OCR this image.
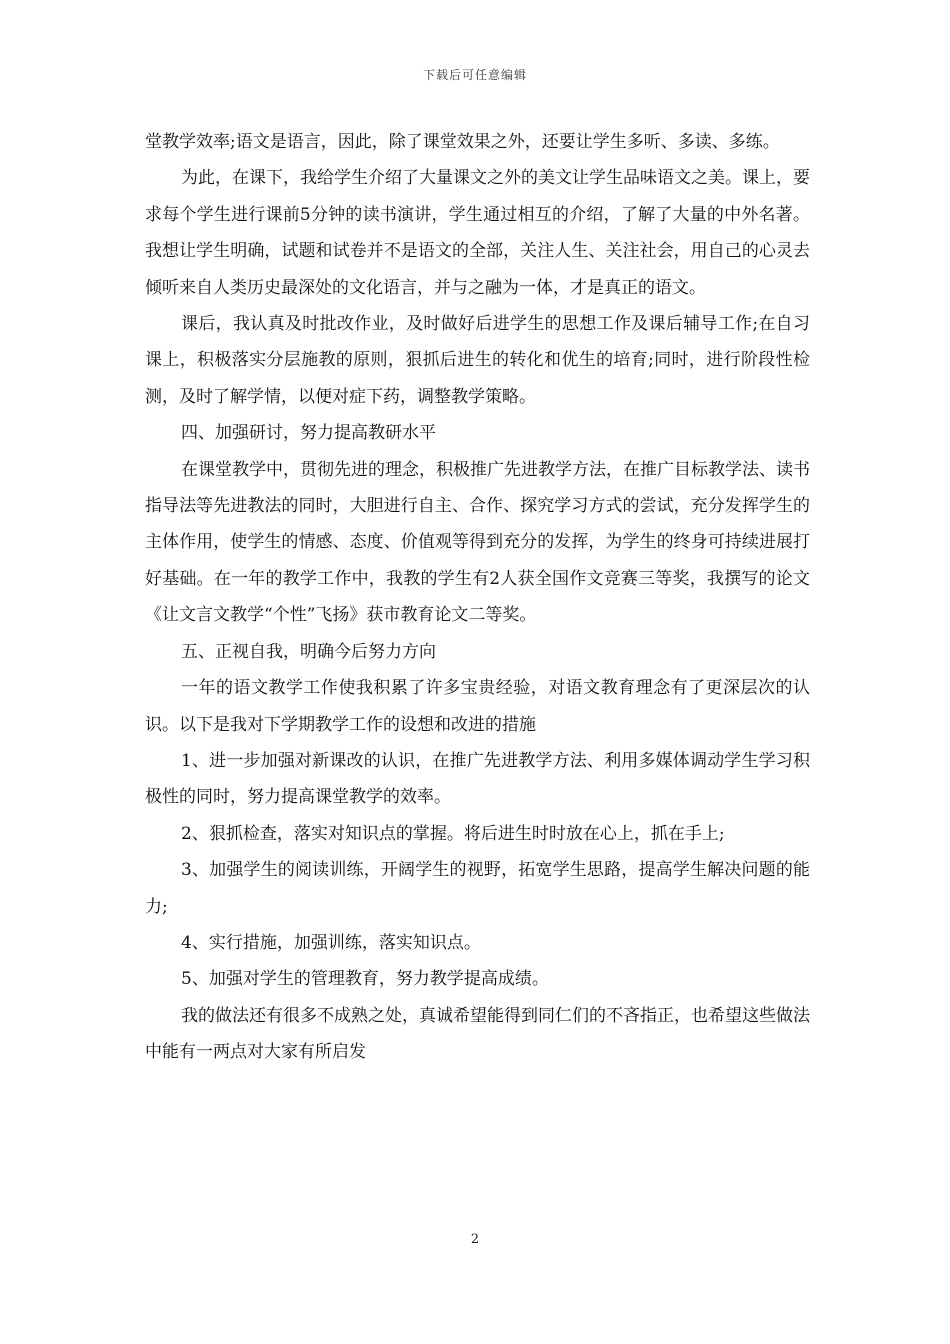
下载后可任意编辑

堂教学效率;语文是语言，因此，除了课堂效果之外，还要让学生多听、多读、多练。

为此，在课下，我给学生介绍了大量课文之外的美文让学生品味语文之美。课上，要求每个学生进行课前5分钟的读书演讲，学生通过相互的介绍，了解了大量的中外名著。我想让学生明确，试题和试卷并不是语文的全部，关注人生、关注社会，用自己的心灵去倾听来自人类历史最深处的文化语言，并与之融为一体，才是真正的语文。

课后，我认真及时批改作业，及时做好后进学生的思想工作及课后辅导工作;在自习课上，积极落实分层施教的原则，狠抓后进生的转化和优生的培育;同时，进行阶段性检测，及时了解学情，以便对症下药，调整教学策略。

四、加强研讨，努力提高教研水平

在课堂教学中，贯彻先进的理念，积极推广先进教学方法，在推广目标教学法、读书指导法等先进教法的同时，大胆进行自主、合作、探究学习方式的尝试，充分发挥学生的主体作用，使学生的情感、态度、价值观等得到充分的发挥，为学生的终身可持续进展打好基础。在一年的教学工作中，我教的学生有2人获全国作文竞赛三等奖，我撰写的论文《让文言文教学“个性”飞扬》获市教育论文二等奖。

五、正视自我，明确今后努力方向

一年的语文教学工作使我积累了许多宝贵经验，对语文教育理念有了更深层次的认识。以下是我对下学期教学工作的设想和改进的措施

1、进一步加强对新课改的认识，在推广先进教学方法、利用多媒体调动学生学习积极性的同时，努力提高课堂教学的效率。

2、狠抓检查，落实对知识点的掌握。将后进生时时放在心上，抓在手上;

3、加强学生的阅读训练，开阔学生的视野，拓宽学生思路，提高学生解决问题的能力;

4、实行措施，加强训练，落实知识点。

5、加强对学生的管理教育，努力教学提高成绩。

我的做法还有很多不成熟之处，真诚希望能得到同仁们的不吝指正，也希望这些做法中能有一两点对大家有所启发

2
